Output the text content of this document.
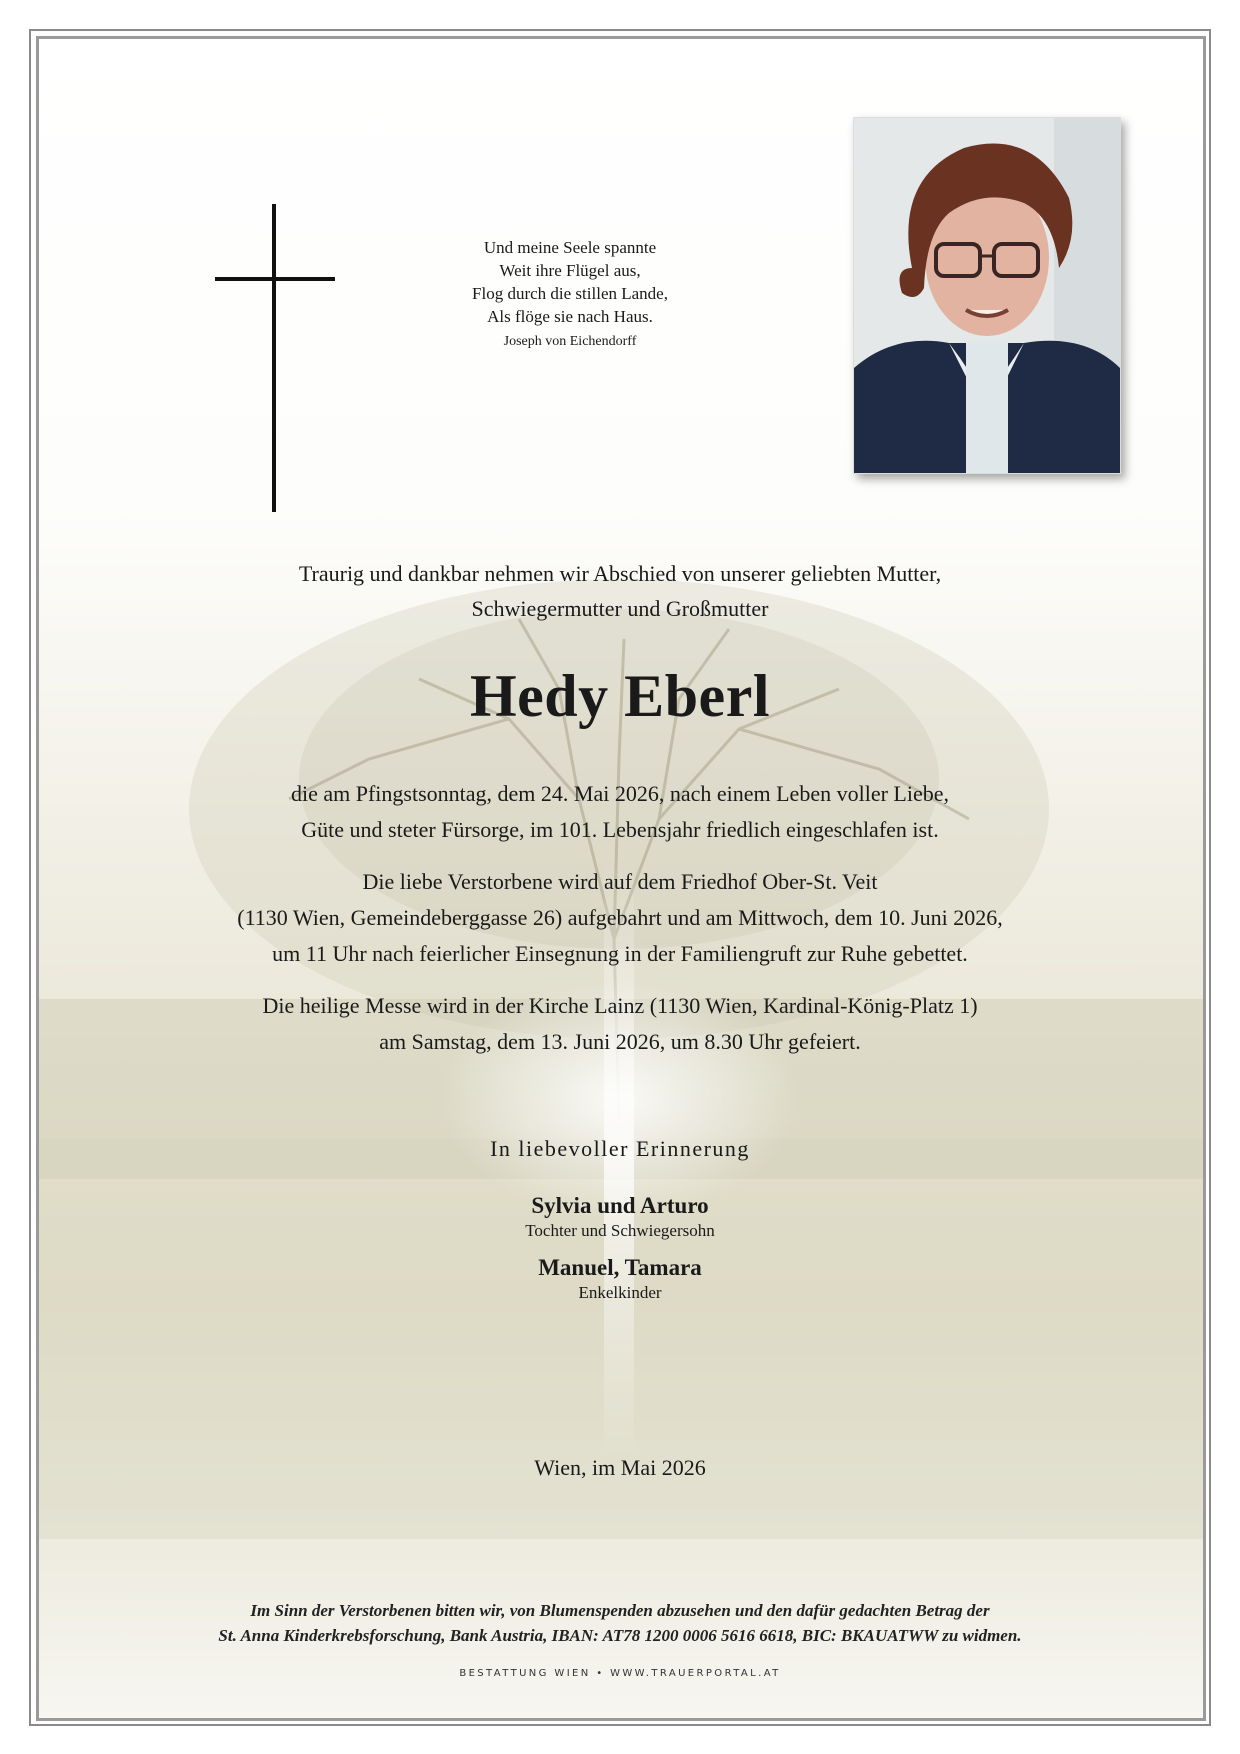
Und meine Seele spannte
Weit ihre Flügel aus,
Flog durch die stillen Lande,
Als flöge sie nach Haus.
Joseph von Eichendorff
Traurig und dankbar nehmen wir Abschied von unserer geliebten Mutter,
Schwiegermutter und Großmutter
Hedy Eberl
die am Pfingstsonntag, dem 24. Mai 2026, nach einem Leben voller Liebe,
Güte und steter Fürsorge, im 101. Lebensjahr friedlich eingeschlafen ist.
Die liebe Verstorbene wird auf dem Friedhof Ober-St. Veit
(1130 Wien, Gemeindeberggasse 26) aufgebahrt und am Mittwoch, dem 10. Juni 2026,
um 11 Uhr nach feierlicher Einsegnung in der Familiengruft zur Ruhe gebettet.
Die heilige Messe wird in der Kirche Lainz (1130 Wien, Kardinal-König-Platz 1)
am Samstag, dem 13. Juni 2026, um 8.30 Uhr gefeiert.
In liebevoller Erinnerung
Sylvia und Arturo
Tochter und Schwiegersohn
Manuel, Tamara
Enkelkinder
Wien, im Mai 2026
Im Sinn der Verstorbenen bitten wir, von Blumenspenden abzusehen und den dafür gedachten Betrag der
St. Anna Kinderkrebsforschung, Bank Austria, IBAN: AT78 1200 0006 5616 6618, BIC: BKAUATWW zu widmen.
BESTATTUNG WIEN • WWW.TRAUERPORTAL.AT
